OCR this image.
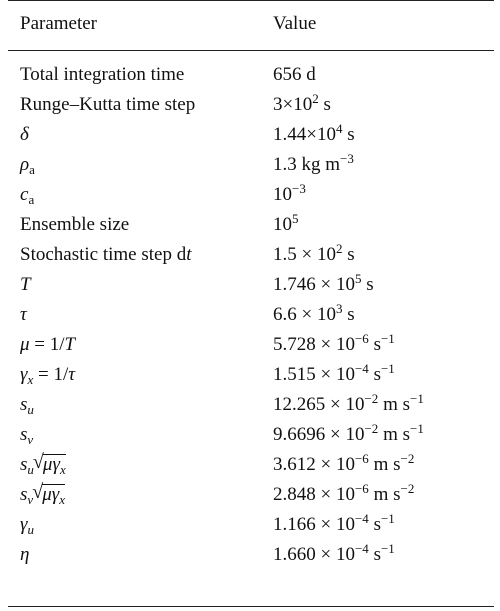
Parameter	Value
Total integration time	656 d
Runge–Kutta time step	$3\times 10^2$ s
δ	$1.44\times 10^4$ s
$\rho_a$	1.3 kg $m^{-3}$
$c_a$	$10^{-3}$
Ensemble size	$10^5$
Stochastic time step dt	$1.5 \times 10^2$ s
T	$1.746 \times 10^5$ s
τ	$6.6 \times 10^3$ s
μ = 1/T	$5.728 \times 10^{-6}$ $s^{-1}$
$\gamma_x = 1/\tau$	$1.515 \times 10^{-4}$ $s^{-1}$
$s_u$	$12.265 \times 10^{-2}$ m $s^{-1}$
$s_v$	$9.6696 \times 10^{-2}$ m $s^{-1}$
$s_u√$ $\mu\gamma_x$	$3.612 \times 10^{-6}$ m $s^{-2}$
$s_v√$ $\mu\gamma_x$	$2.848 \times 10^{-6}$ m $s^{-2}$
$\gamma_u$	$1.166 \times 10^{-4}$ $s^{-1}$
η	$1.660 \times 10^{-4}$ $s^{-1}$
